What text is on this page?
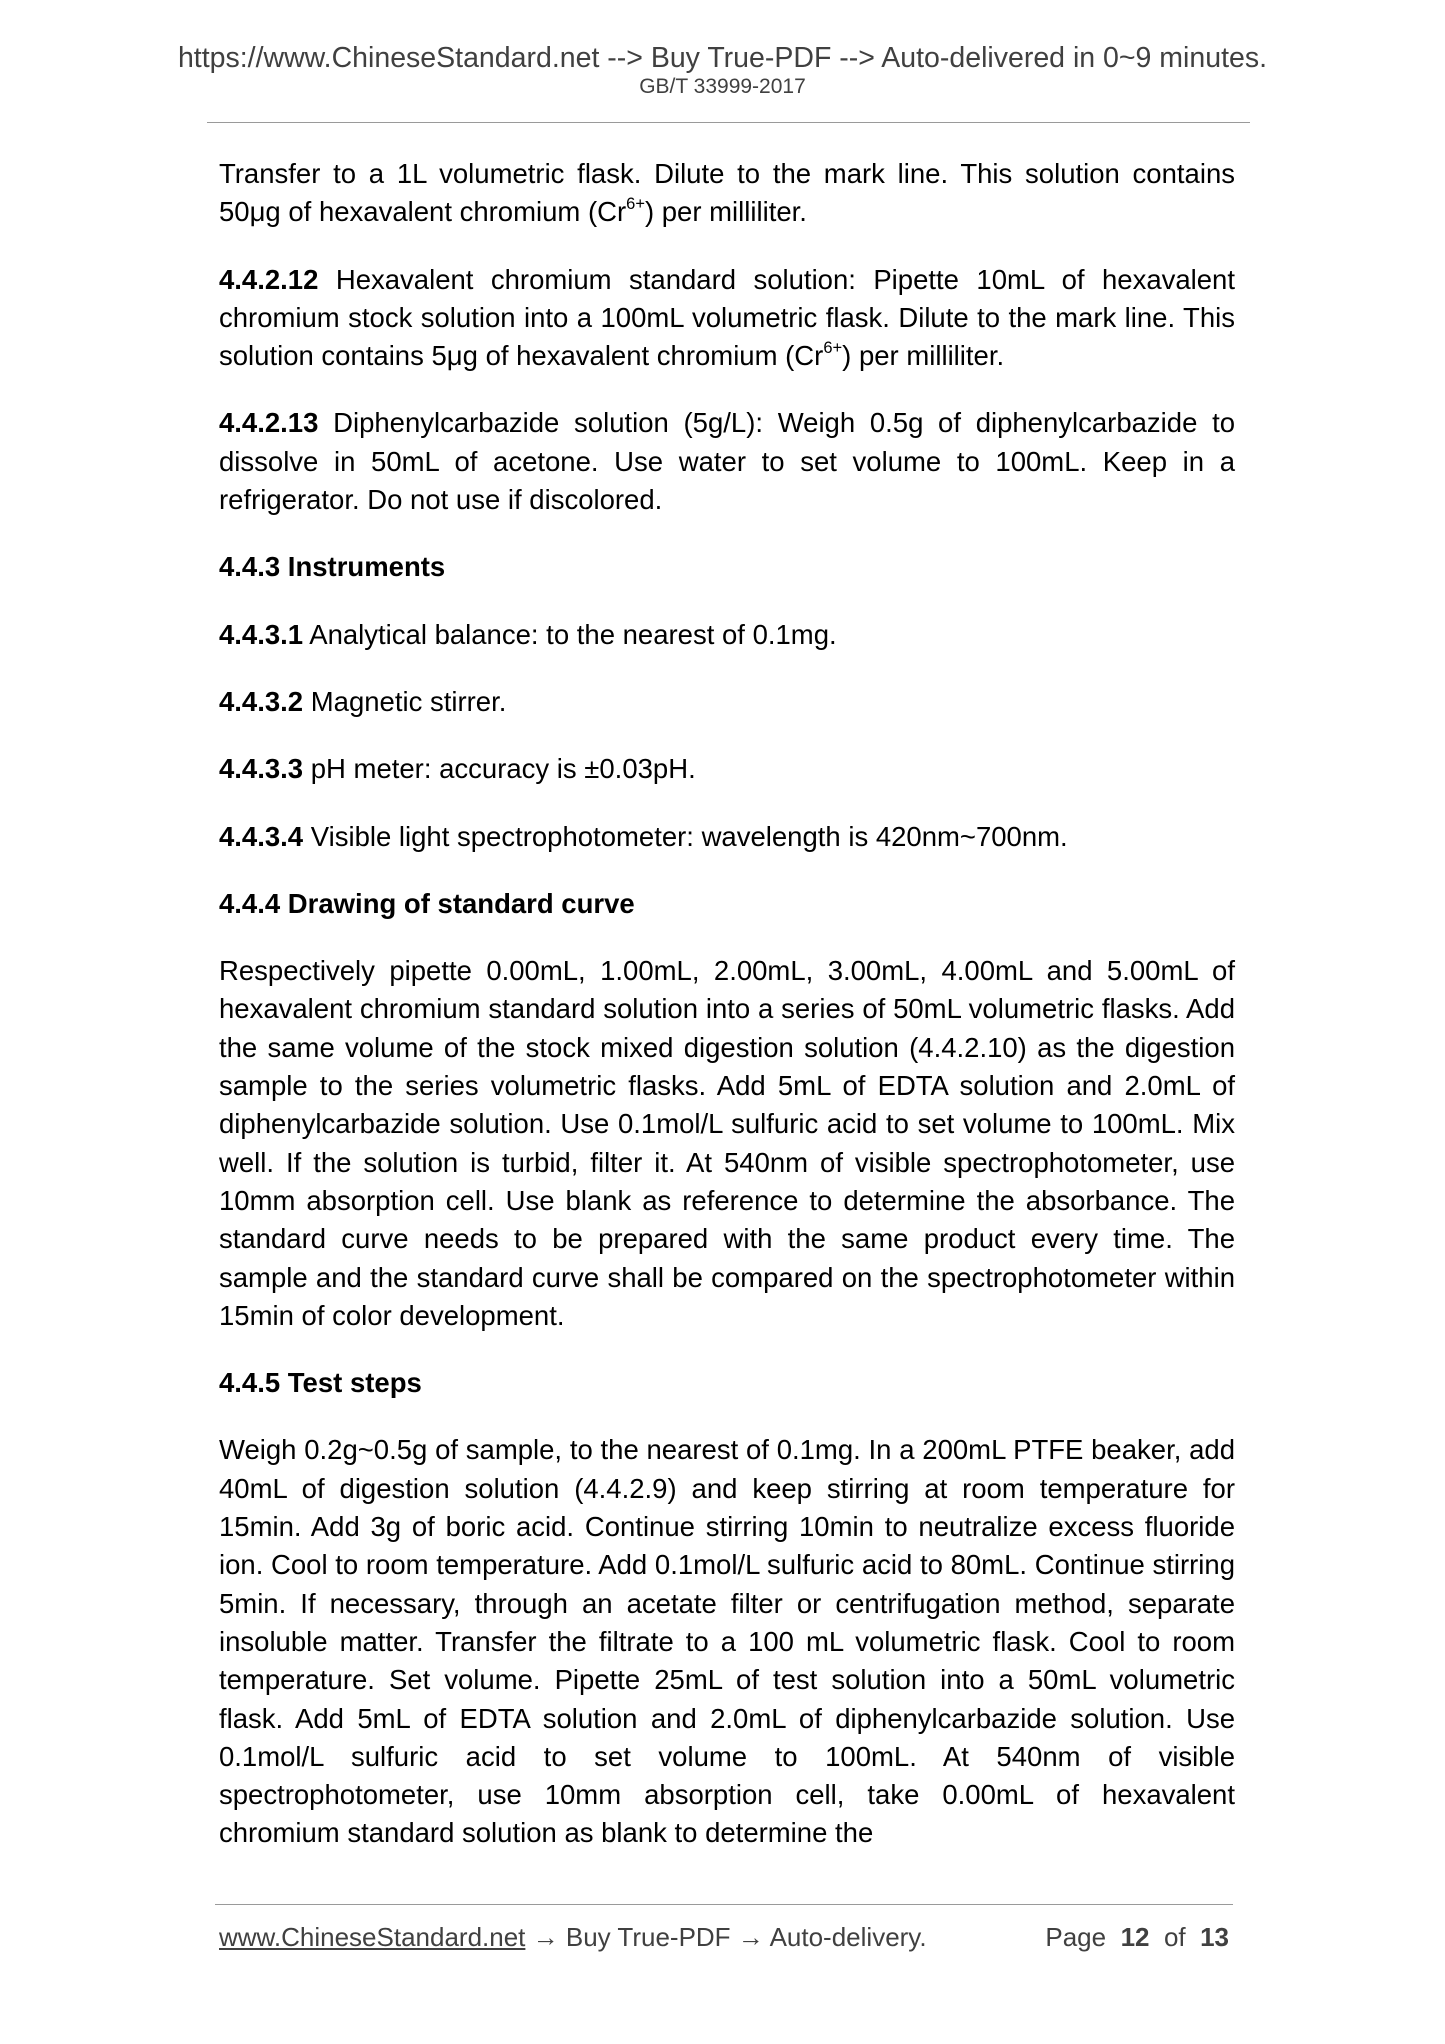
https://www.ChineseStandard.net --> Buy True-PDF --> Auto-delivered in 0~9 minutes.
GB/T 33999-2017

Transfer to a 1L volumetric flask. Dilute to the mark line. This solution contains 50μg of hexavalent chromium $(Cr^{6+})$ per milliliter.

4.4.2.12 Hexavalent chromium standard solution: Pipette 10mL of hexavalent chromium stock solution into a 100mL volumetric flask. Dilute to the mark line. This solution contains 5μg of hexavalent chromium $(Cr^{6+})$ per milliliter.

4.4.2.13 Diphenylcarbazide solution (5g/L): Weigh 0.5g of diphenylcarbazide to dissolve in 50mL of acetone. Use water to set volume to 100mL. Keep in a refrigerator. Do not use if discolored.

4.4.3 Instruments

4.4.3.1 Analytical balance: to the nearest of 0.1mg.

4.4.3.2 Magnetic stirrer.

4.4.3.3 pH meter: accuracy is ±0.03pH.

4.4.3.4 Visible light spectrophotometer: wavelength is 420nm~700nm.

4.4.4 Drawing of standard curve

Respectively pipette 0.00mL, 1.00mL, 2.00mL, 3.00mL, 4.00mL and 5.00mL of hexavalent chromium standard solution into a series of 50mL volumetric flasks. Add the same volume of the stock mixed digestion solution (4.4.2.10) as the digestion sample to the series volumetric flasks. Add 5mL of EDTA solution and 2.0mL of diphenylcarbazide solution. Use 0.1mol/L sulfuric acid to set volume to 100mL. Mix well. If the solution is turbid, filter it. At 540nm of visible spectrophotometer, use 10mm absorption cell. Use blank as reference to determine the absorbance. The standard curve needs to be prepared with the same product every time. The sample and the standard curve shall be compared on the spectrophotometer within 15min of color development.

4.4.5 Test steps

Weigh 0.2g~0.5g of sample, to the nearest of 0.1mg. In a 200mL PTFE beaker, add 40mL of digestion solution (4.4.2.9) and keep stirring at room temperature for 15min. Add 3g of boric acid. Continue stirring 10min to neutralize excess fluoride ion. Cool to room temperature. Add 0.1mol/L sulfuric acid to 80mL. Continue stirring 5min. If necessary, through an acetate filter or centrifugation method, separate insoluble matter. Transfer the filtrate to a 100 mL volumetric flask. Cool to room temperature. Set volume. Pipette 25mL of test solution into a 50mL volumetric flask. Add 5mL of EDTA solution and 2.0mL of diphenylcarbazide solution. Use 0.1mol/L sulfuric acid to set volume to 100mL. At 540nm of visible spectrophotometer, use 10mm absorption cell, take 0.00mL of hexavalent chromium standard solution as blank to determine the

www.ChineseStandard.net → Buy True-PDF → Auto-delivery.	Page 12 of 13
